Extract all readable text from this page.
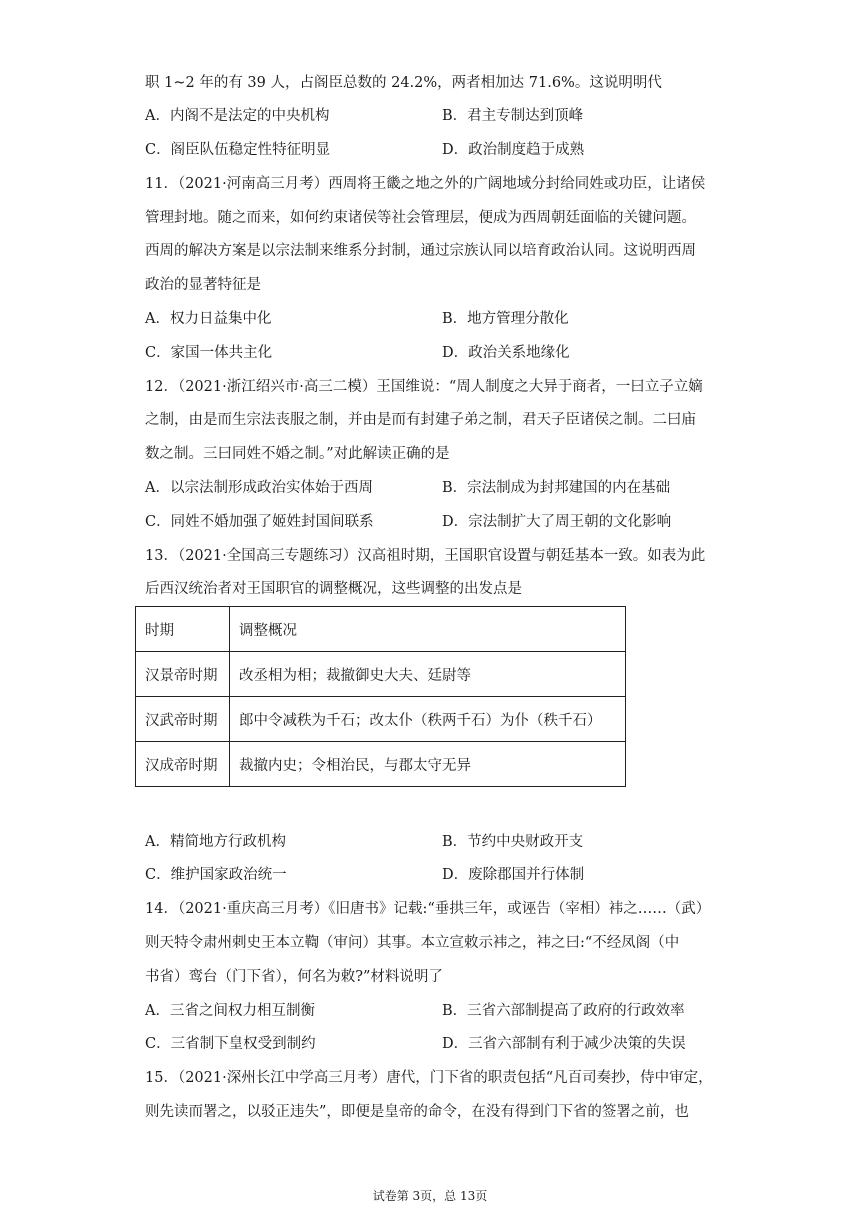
职 1~2 年的有 39 人，占阁臣总数的 24.2%，两者相加达 71.6%。这说明明代
A．内阁不是法定的中央机构	B．君主专制达到顶峰
C．阁臣队伍稳定性特征明显	D．政治制度趋于成熟
11．（2021·河南高三月考）西周将王畿之地之外的广阔地域分封给同姓或功臣，让诸侯
管理封地。随之而来，如何约束诸侯等社会管理层，便成为西周朝廷面临的关键问题。
西周的解决方案是以宗法制来维系分封制，通过宗族认同以培育政治认同。这说明西周
政治的显著特征是
A．权力日益集中化	B．地方管理分散化
C．家国一体共主化	D．政治关系地缘化
12．（2021·浙江绍兴市·高三二模）王国维说：“周人制度之大异于商者，一曰立子立嫡
之制，由是而生宗法丧服之制，并由是而有封建子弟之制，君天子臣诸侯之制。二曰庙
数之制。三曰同姓不婚之制。”对此解读正确的是
A．以宗法制形成政治实体始于西周	B．宗法制成为封邦建国的内在基础
C．同姓不婚加强了姬姓封国间联系	D．宗法制扩大了周王朝的文化影响
13．（2021·全国高三专题练习）汉高祖时期，王国职官设置与朝廷基本一致。如表为此
后西汉统治者对王国职官的调整概况，这些调整的出发点是
时期	调整概况
汉景帝时期	改丞相为相；裁撤御史大夫、廷尉等
汉武帝时期	郎中令减秩为千石；改太仆（秩两千石）为仆（秩千石）
汉成帝时期	裁撤内史；令相治民，与郡太守无异
A．精简地方行政机构	B．节约中央财政开支
C．维护国家政治统一	D．废除郡国并行体制
14．（2021·重庆高三月考）《旧唐书》记载:“垂拱三年，或诬告（宰相）袆之……（武）
则天特令肃州刺史王本立鞫（审问）其事。本立宣敕示袆之，袆之曰:“不经凤阁（中
书省）鸾台（门下省），何名为敕?”材料说明了
A．三省之间权力相互制衡	B．三省六部制提高了政府的行政效率
C．三省制下皇权受到制约	D．三省六部制有利于减少决策的失误
15．（2021·深州长江中学高三月考）唐代，门下省的职责包括“凡百司奏抄，侍中审定，
则先读而署之，以驳正违失”，即便是皇帝的命令，在没有得到门下省的签署之前，也
试卷第 3页，总 13页
